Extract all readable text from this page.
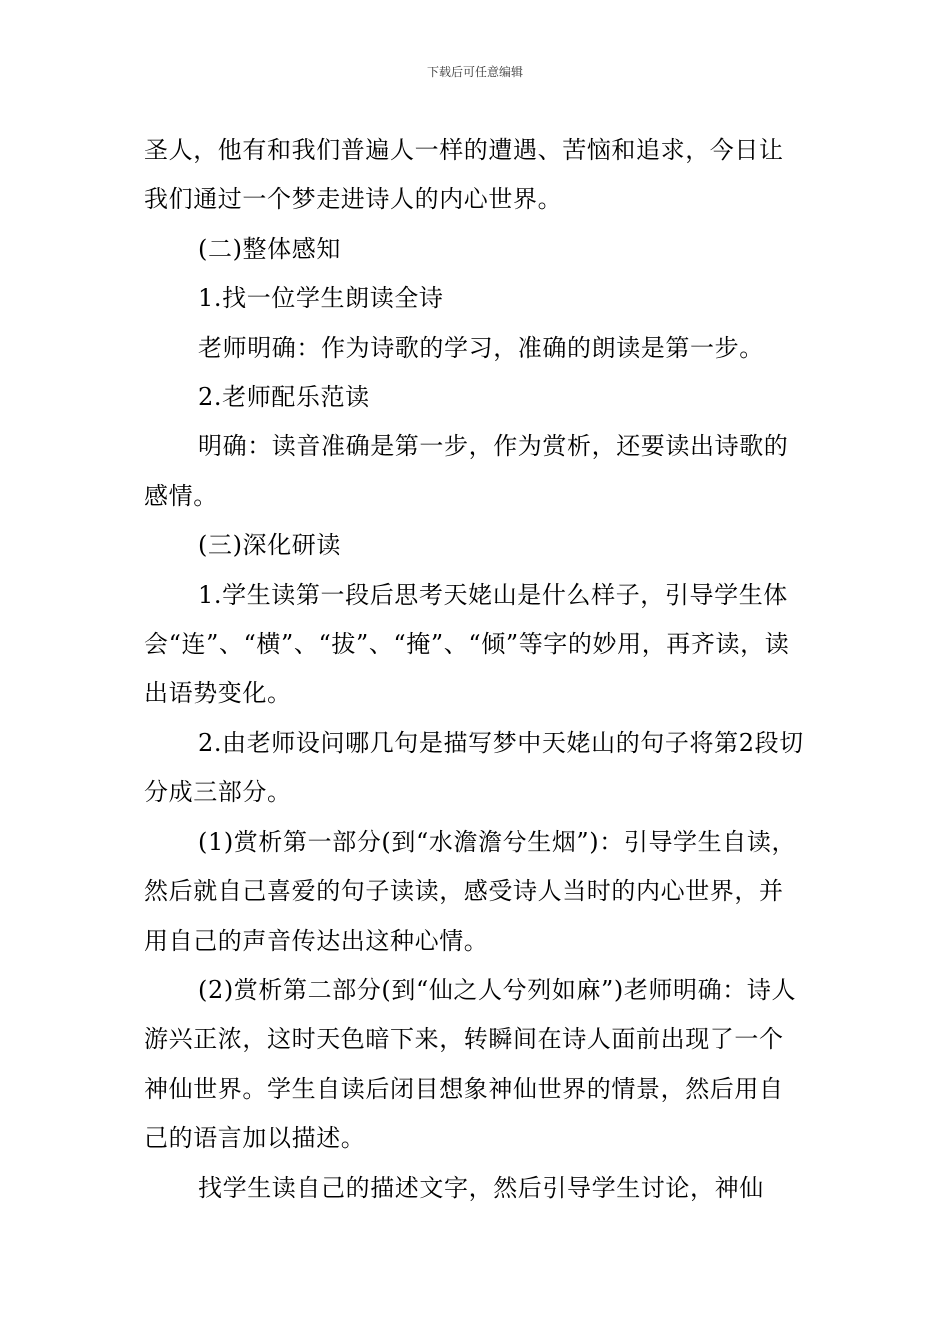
下载后可任意编辑

圣人，他有和我们普遍人一样的遭遇、苦恼和追求，今日让我们通过一个梦走进诗人的内心世界。

(二)整体感知

1.找一位学生朗读全诗

老师明确：作为诗歌的学习，准确的朗读是第一步。

2.老师配乐范读

明确：读音准确是第一步，作为赏析，还要读出诗歌的感情。

(三)深化研读

1.学生读第一段后思考天姥山是什么样子，引导学生体会“连”、“横”、“拔”、“掩”、“倾”等字的妙用，再齐读，读出语势变化。

2.由老师设问哪几句是描写梦中天姥山的句子将第2段切分成三部分。

(1)赏析第一部分(到“水澹澹兮生烟”)：引导学生自读，然后就自己喜爱的句子读读，感受诗人当时的内心世界，并用自己的声音传达出这种心情。

(2)赏析第二部分(到“仙之人兮列如麻”)老师明确：诗人游兴正浓，这时天色暗下来，转瞬间在诗人面前出现了一个神仙世界。学生自读后闭目想象神仙世界的情景，然后用自己的语言加以描述。

找学生读自己的描述文字，然后引导学生讨论，神仙
